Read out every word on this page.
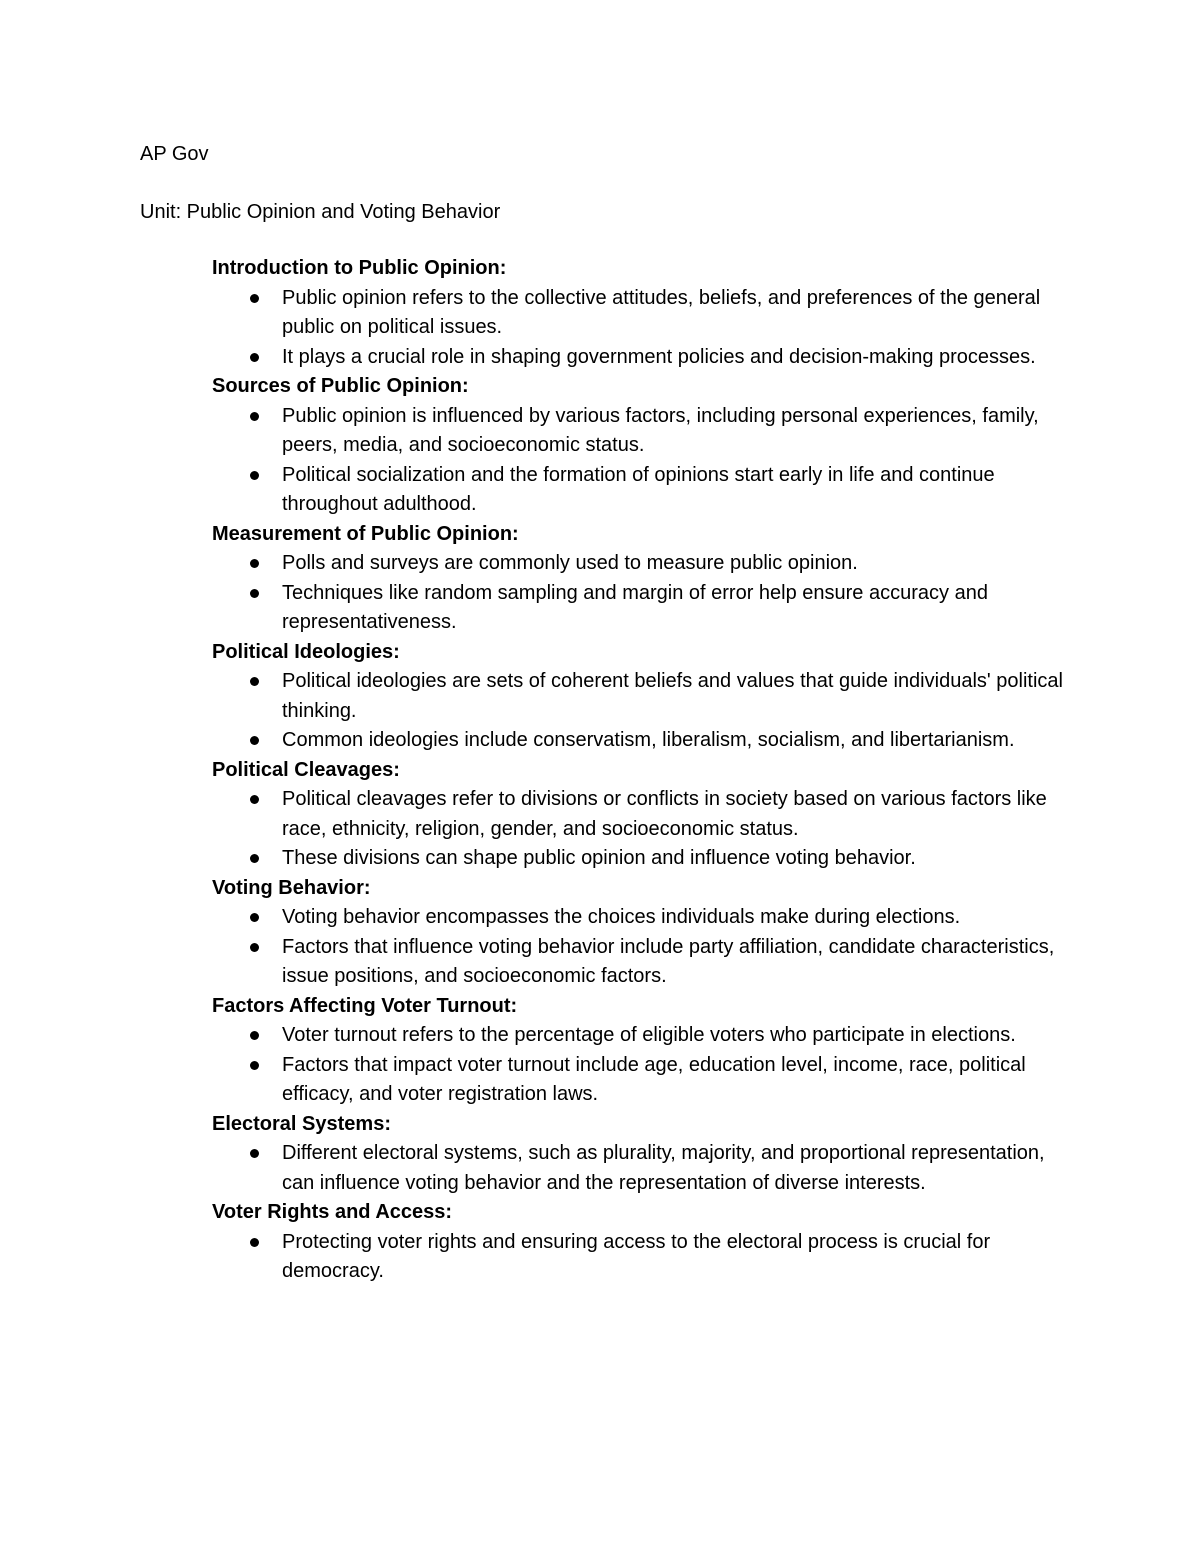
AP Gov

Unit: Public Opinion and Voting Behavior

Introduction to Public Opinion:

Public opinion refers to the collective attitudes, beliefs, and preferences of the general public on political issues.
It plays a crucial role in shaping government policies and decision-making processes.

Sources of Public Opinion:

Public opinion is influenced by various factors, including personal experiences, family, peers, media, and socioeconomic status.
Political socialization and the formation of opinions start early in life and continue throughout adulthood.

Measurement of Public Opinion:

Polls and surveys are commonly used to measure public opinion.
Techniques like random sampling and margin of error help ensure accuracy and representativeness.

Political Ideologies:

Political ideologies are sets of coherent beliefs and values that guide individuals' political thinking.
Common ideologies include conservatism, liberalism, socialism, and libertarianism.

Political Cleavages:

Political cleavages refer to divisions or conflicts in society based on various factors like race, ethnicity, religion, gender, and socioeconomic status.
These divisions can shape public opinion and influence voting behavior.

Voting Behavior:

Voting behavior encompasses the choices individuals make during elections.
Factors that influence voting behavior include party affiliation, candidate characteristics, issue positions, and socioeconomic factors.

Factors Affecting Voter Turnout:

Voter turnout refers to the percentage of eligible voters who participate in elections.
Factors that impact voter turnout include age, education level, income, race, political efficacy, and voter registration laws.

Electoral Systems:

Different electoral systems, such as plurality, majority, and proportional representation, can influence voting behavior and the representation of diverse interests.

Voter Rights and Access:

Protecting voter rights and ensuring access to the electoral process is crucial for democracy.
